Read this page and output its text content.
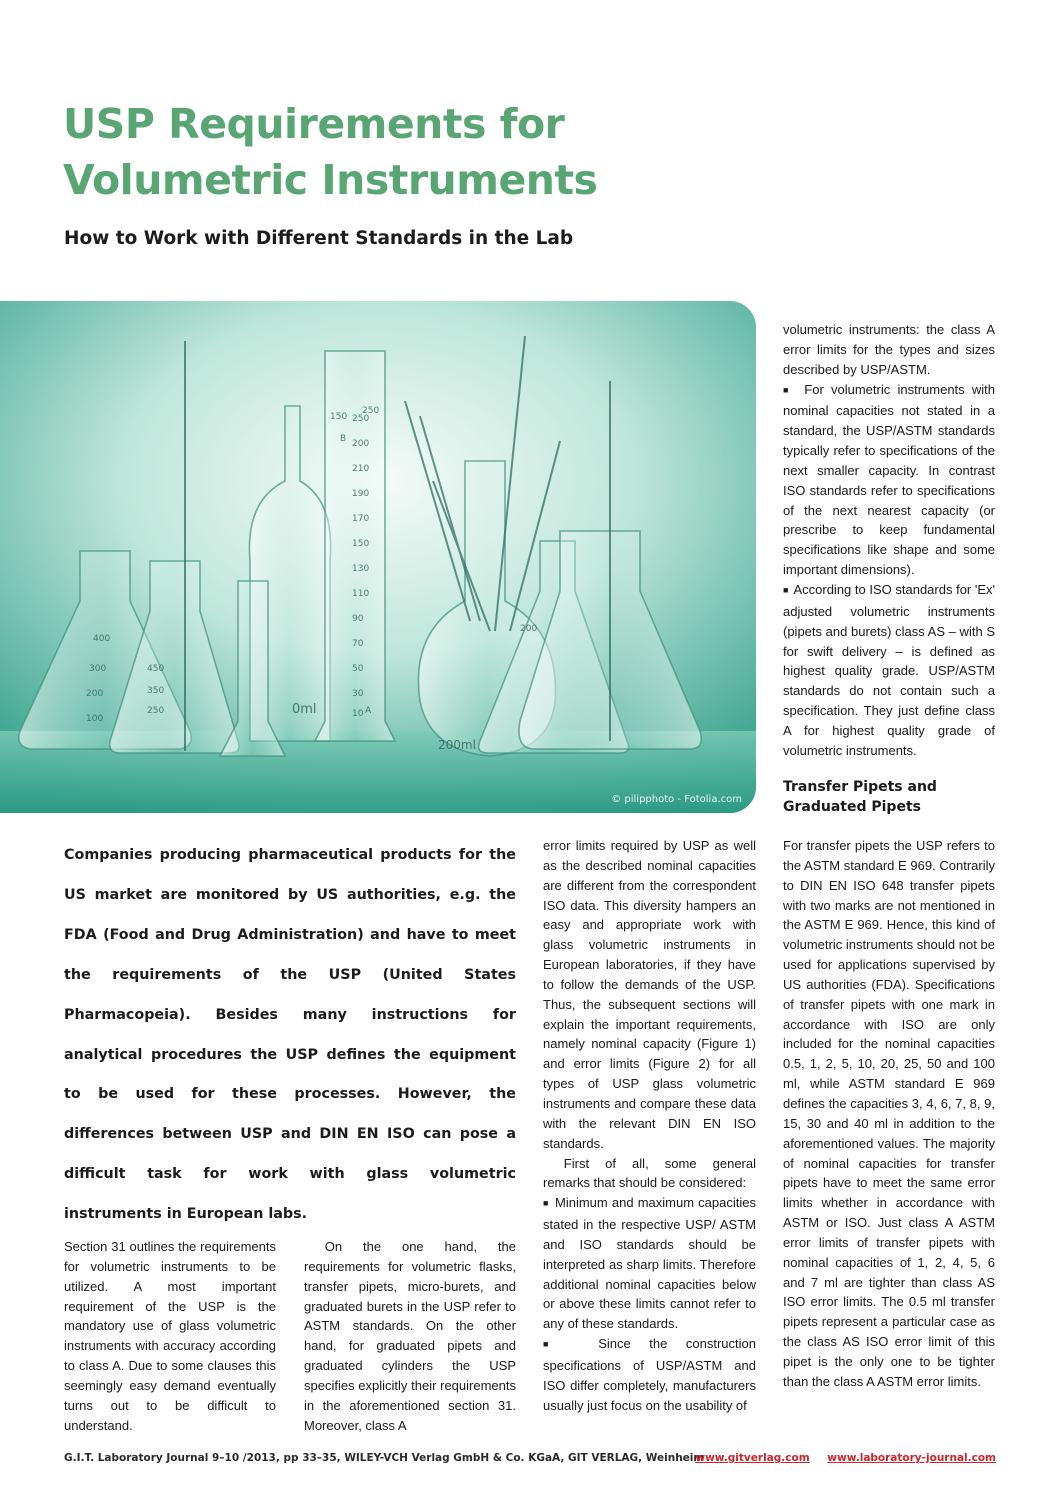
USP Requirements for Volumetric Instruments
How to Work with Different Standards in the Lab
250
200
210
190
170
150
130
110
90
70
50
30
10 A
B
150
250
200
200ml
0ml
400
300
200
100
450
350
250
© pilipphoto - Fotolia.com
Companies producing pharmaceutical products for the US market are monitored by US authorities, e.g. the FDA (Food and Drug Administration) and have to meet the requirements of the USP (United States Pharmacopeia). Besides many instructions for analytical procedures the USP defines the equipment to be used for these processes. However, the differences between USP and DIN EN ISO can pose a difficult task for work with glass volumetric instruments in European labs.

Section 31 outlines the requirements for volumetric instruments to be utilized. A most important requirement of the USP is the mandatory use of glass volumetric instruments with accuracy according to class A. Due to some clauses this seemingly easy demand eventually turns out to be difficult to understand.

On the one hand, the requirements for volumetric flasks, transfer pipets, micro-burets, and graduated burets in the USP refer to ASTM standards. On the other hand, for graduated pipets and graduated cylinders the USP specifies explicitly their requirements in the aforementioned section 31. Moreover, class A

error limits required by USP as well as the described nominal capacities are different from the correspondent ISO data. This diversity hampers an easy and appropriate work with glass volumetric instruments in European laboratories, if they have to follow the demands of the USP. Thus, the subsequent sections will explain the important requirements, namely nominal capacity (Figure 1) and error limits (Figure 2) for all types of USP glass volumetric instruments and compare these data with the relevant DIN EN ISO standards.

First of all, some general remarks that should be considered:

■  Minimum and maximum capacities stated in the respective USP/ ASTM and ISO standards should be interpreted as sharp limits. Therefore additional nominal capacities below or above these limits cannot refer to any of these standards.

■  Since the construction specifications of USP/ASTM and ISO differ completely, manufacturers usually just focus on the usability of

volumetric instruments: the class A error limits for the types and sizes described by USP/ASTM.

■  For volumetric instruments with nominal capacities not stated in a standard, the USP/ASTM standards typically refer to specifications of the next smaller capacity. In contrast ISO standards refer to specifications of the next nearest capacity (or prescribe to keep fundamental specifications like shape and some important dimensions).

■  According to ISO standards for 'Ex' adjusted volumetric instruments (pipets and burets) class AS – with S for swift delivery – is defined as highest quality grade. USP/ASTM standards do not contain such a specification. They just define class A for highest quality grade of volumetric instruments.

Transfer Pipets and Graduated Pipets

For transfer pipets the USP refers to the ASTM standard E 969. Contrarily to DIN EN ISO 648 transfer pipets with two marks are not mentioned in the ASTM E 969. Hence, this kind of volumetric instruments should not be used for applications supervised by US authorities (FDA). Specifications of transfer pipets with one mark in accordance with ISO are only included for the nominal capacities 0.5, 1, 2, 5, 10, 20, 25, 50 and 100 ml, while ASTM standard E 969 defines the capacities 3, 4, 6, 7, 8, 9, 15, 30 and 40 ml in addition to the aforementioned values. The majority of nominal capacities for transfer pipets have to meet the same error limits whether in accordance with ASTM or ISO. Just class A ASTM error limits of transfer pipets with nominal capacities of 1, 2, 4, 5, 6 and 7 ml are tighter than class AS ISO error limits. The 0.5 ml transfer pipets represent a particular case as the class AS ISO error limit of this pipet is the only one to be tighter than the class A ASTM error limits.

G.I.T. Laboratory Journal 9–10 /2013, pp 33–35, WILEY-VCH Verlag GmbH & Co. KGaA, GIT VERLAG, Weinheim
www.gitverlag.com www.laboratory-journal.com
